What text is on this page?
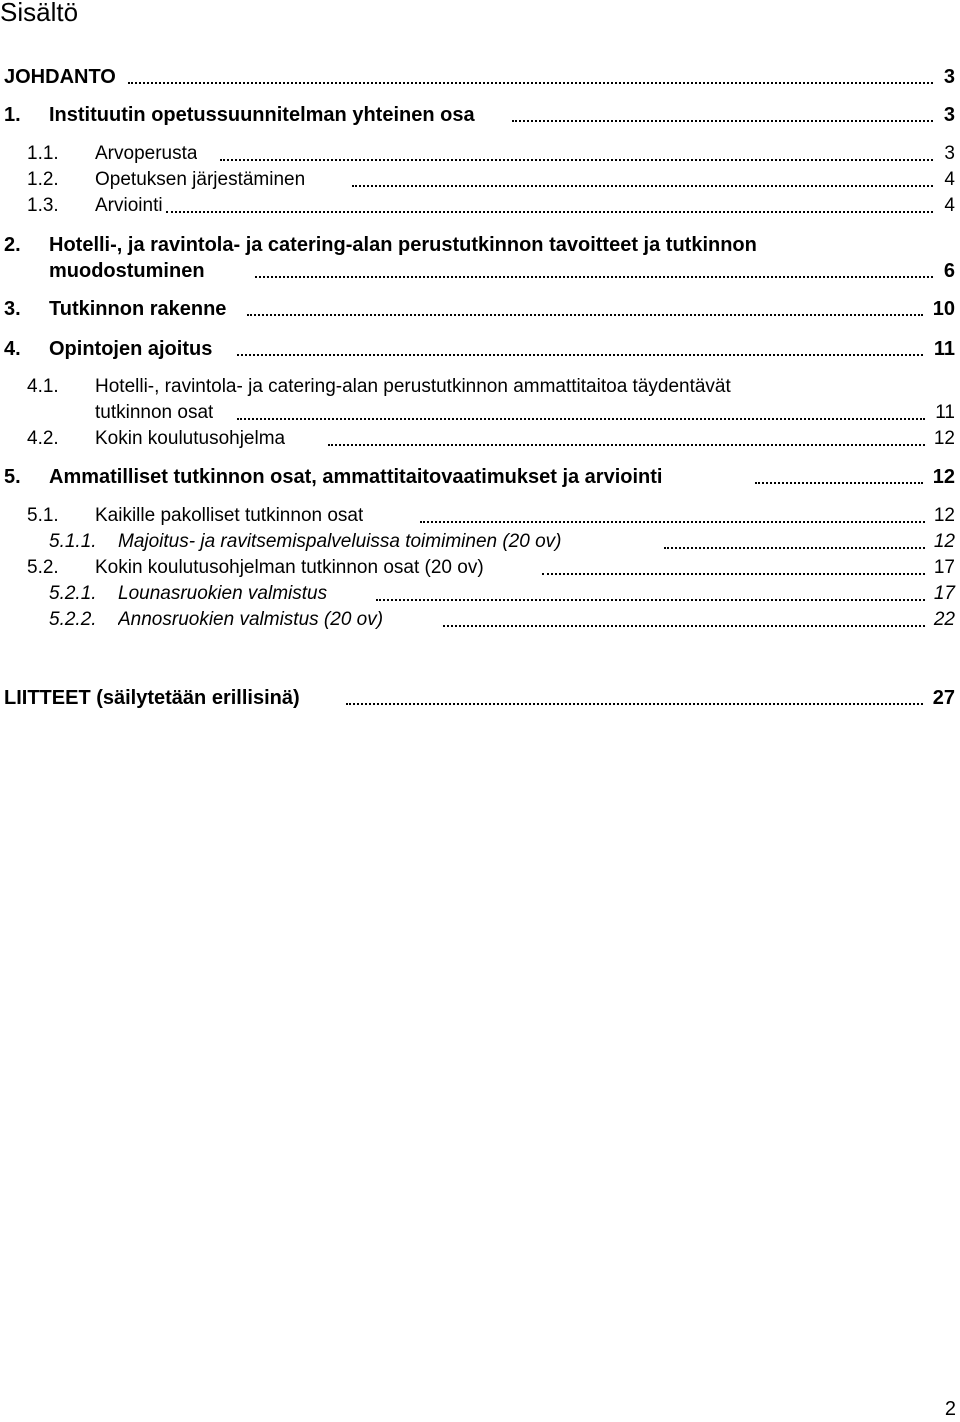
Sisältö
JOHDANTO	3
1. Instituutin opetussuunnitelman yhteinen osa	3
1.1. Arvoperusta	3
1.2. Opetuksen järjestäminen	4
1.3. Arviointi	4
2. Hotelli-, ja ravintola- ja catering-alan perustutkinnon tavoitteet ja tutkinnon
muodostuminen	6
3. Tutkinnon rakenne	10
4. Opintojen ajoitus	11
4.1. Hotelli-, ravintola- ja catering-alan perustutkinnon ammattitaitoa täydentävät
tutkinnon osat	11
4.2. Kokin koulutusohjelma	12
5. Ammatilliset tutkinnon osat, ammattitaitovaatimukset ja arviointi	12
5.1. Kaikille pakolliset tutkinnon osat	12
5.1.1. Majoitus- ja ravitsemispalveluissa toimiminen (20 ov)	12
5.2. Kokin koulutusohjelman tutkinnon osat (20 ov)	17
5.2.1. Lounasruokien valmistus	17
5.2.2. Annosruokien valmistus (20 ov)	22
LIITTEET (säilytetään erillisinä)	27
2
